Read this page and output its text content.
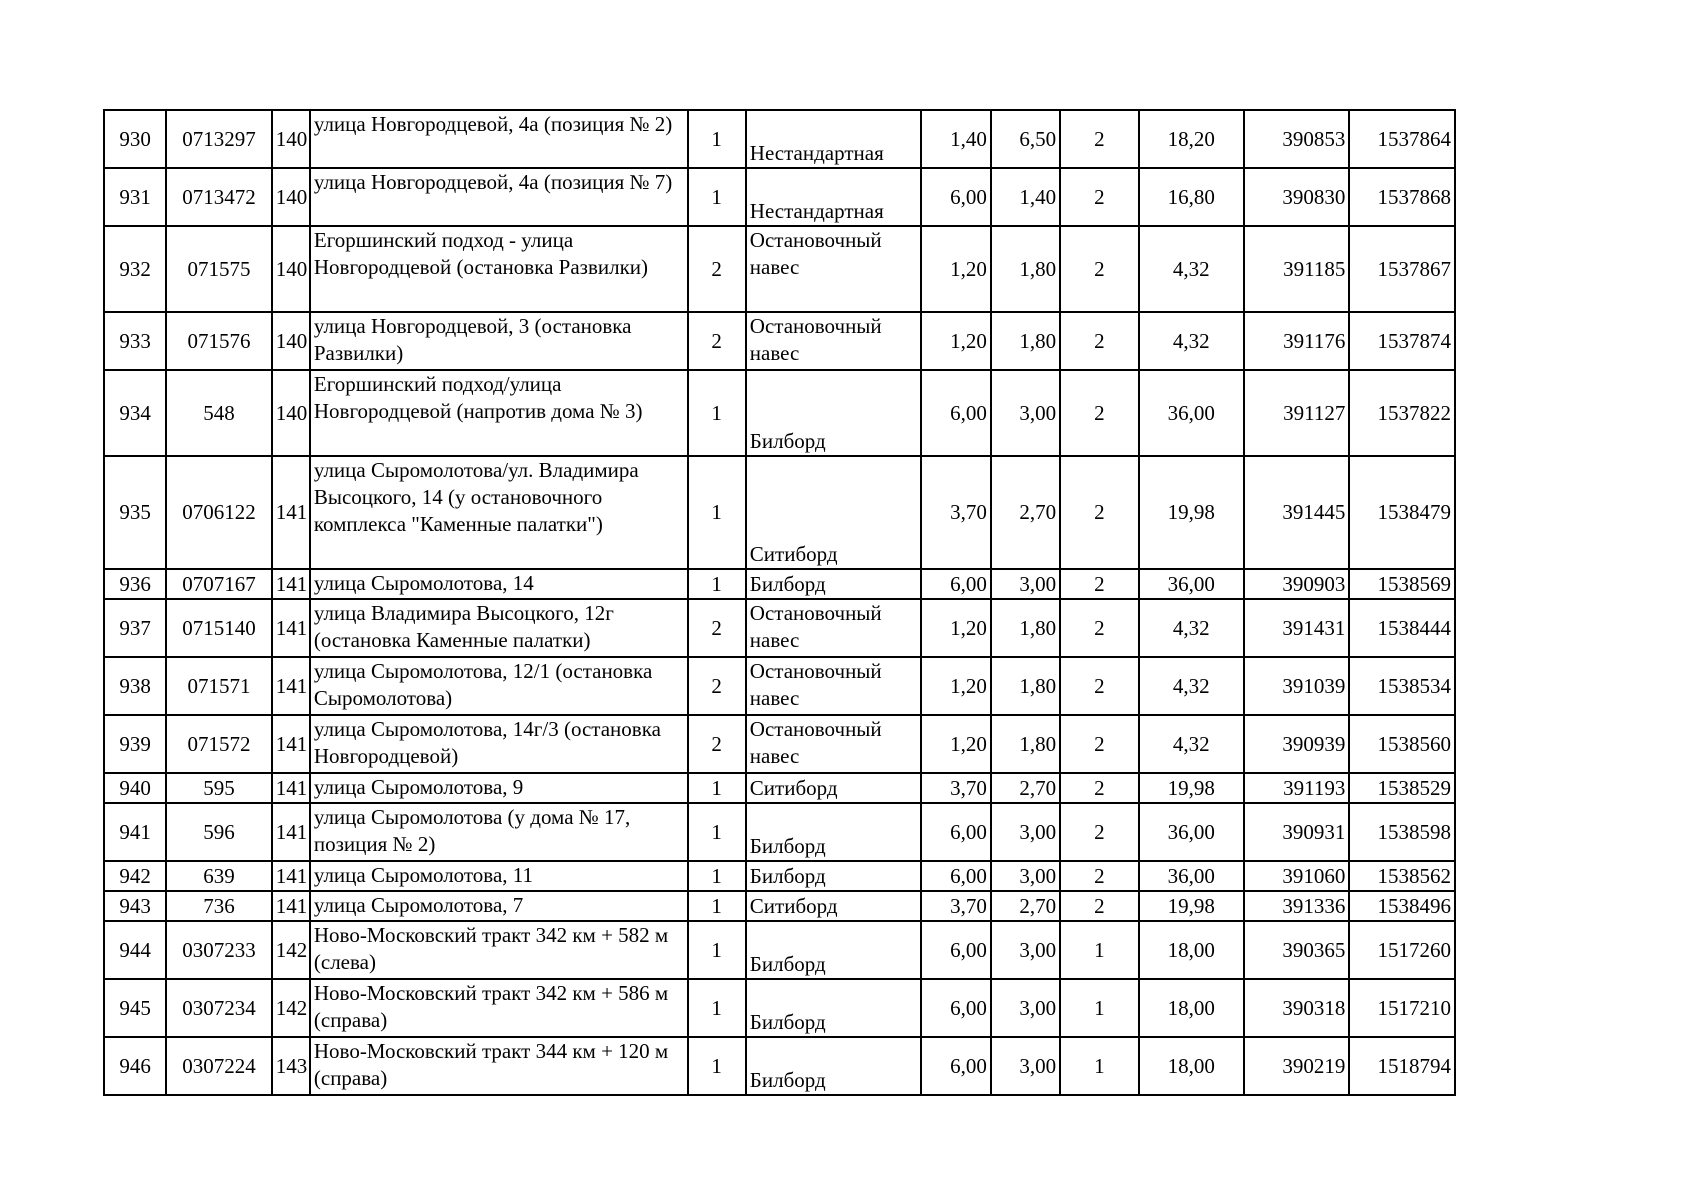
930	0713297	140	улица Новгородцевой, 4а (позиция № 2)	1	Нестандартная	1,40	6,50	2	18,20	390853	1537864
931	0713472	140	улица Новгородцевой, 4а (позиция № 7)	1	Нестандартная	6,00	1,40	2	16,80	390830	1537868
932	071575	140	Егоршинский подход - улица Новгородцевой (остановка Развилки)	2	Остановочный навес	1,20	1,80	2	4,32	391185	1537867
933	071576	140	улица Новгородцевой, 3 (остановка Развилки)	2	Остановочный навес	1,20	1,80	2	4,32	391176	1537874
934	548	140	Егоршинский подход/улица Новгородцевой (напротив дома № 3)	1	Билборд	6,00	3,00	2	36,00	391127	1537822
935	0706122	141	улица Сыромолотова/ул. Владимира Высоцкого, 14 (у остановочного комплекса "Каменные палатки")	1	Ситиборд	3,70	2,70	2	19,98	391445	1538479
936	0707167	141	улица Сыромолотова, 14	1	Билборд	6,00	3,00	2	36,00	390903	1538569
937	0715140	141	улица Владимира Высоцкого, 12г (остановка Каменные палатки)	2	Остановочный навес	1,20	1,80	2	4,32	391431	1538444
938	071571	141	улица Сыромолотова, 12/1 (остановка Сыромолотова)	2	Остановочный навес	1,20	1,80	2	4,32	391039	1538534
939	071572	141	улица Сыромолотова, 14г/3 (остановка Новгородцевой)	2	Остановочный навес	1,20	1,80	2	4,32	390939	1538560
940	595	141	улица Сыромолотова, 9	1	Ситиборд	3,70	2,70	2	19,98	391193	1538529
941	596	141	улица Сыромолотова (у дома № 17, позиция № 2)	1	Билборд	6,00	3,00	2	36,00	390931	1538598
942	639	141	улица Сыромолотова, 11	1	Билборд	6,00	3,00	2	36,00	391060	1538562
943	736	141	улица Сыромолотова, 7	1	Ситиборд	3,70	2,70	2	19,98	391336	1538496
944	0307233	142	Ново-Московский тракт 342 км + 582 м (слева)	1	Билборд	6,00	3,00	1	18,00	390365	1517260
945	0307234	142	Ново-Московский тракт 342 км + 586 м (справа)	1	Билборд	6,00	3,00	1	18,00	390318	1517210
946	0307224	143	Ново-Московский тракт 344 км + 120 м (справа)	1	Билборд	6,00	3,00	1	18,00	390219	1518794
